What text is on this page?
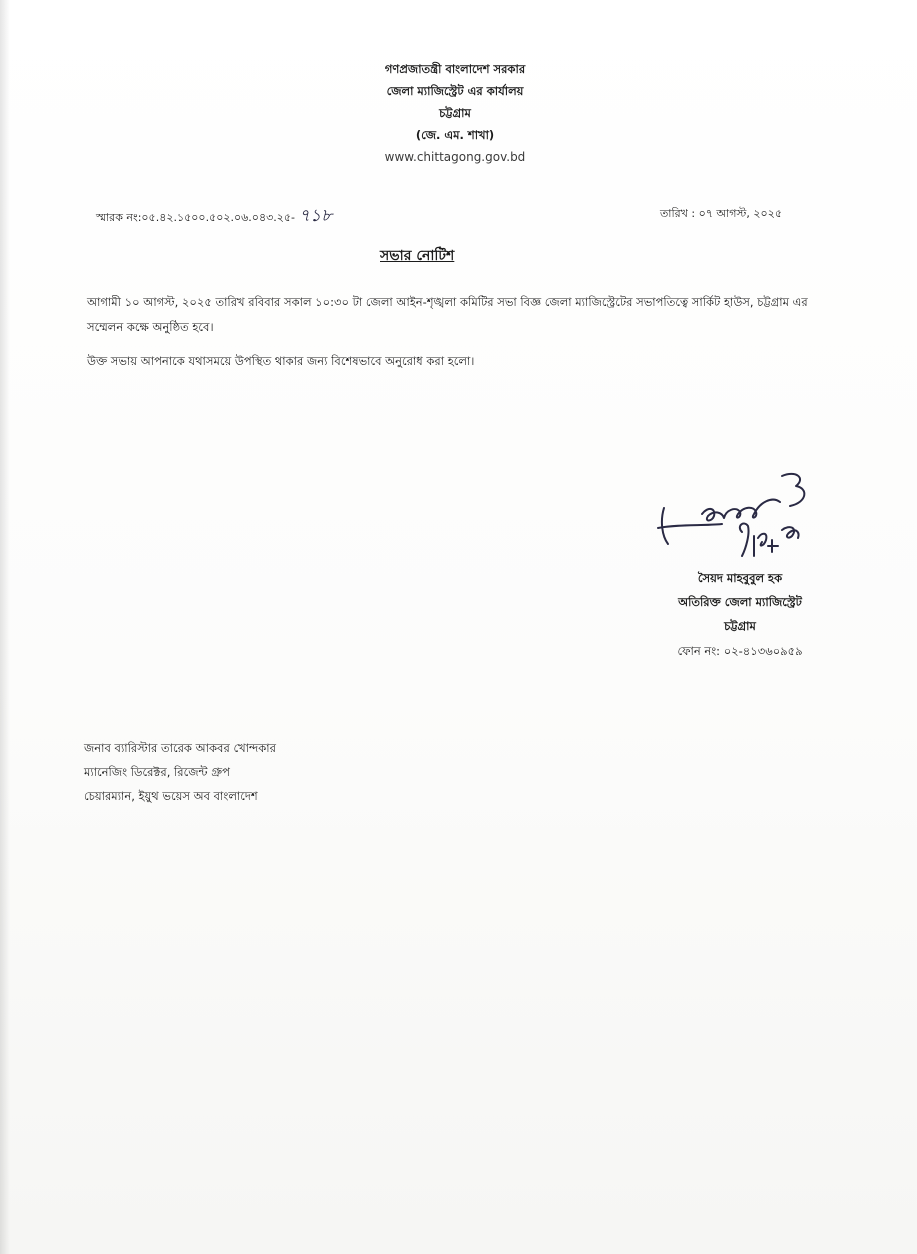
গণপ্রজাতন্ত্রী বাংলাদেশ সরকার
জেলা ম্যাজিস্ট্রেট এর কার্যালয়
চট্টগ্রাম
(জে. এম. শাখা)
www.chittagong.gov.bd
স্মারক নং:০৫.৪২.১৫০০.৫০২.০৬.০৪৩.২৫- ৭১৮	তারিখ : ০৭ আগস্ট, ২০২৫
সভার নোটিশ
আগামী ১০ আগস্ট, ২০২৫ তারিখ রবিবার সকাল ১০:৩০ টা জেলা আইন-শৃঙ্খলা কমিটির সভা বিজ্ঞ জেলা ম্যাজিস্ট্রেটের সভাপতিত্বে সার্কিট হাউস, চট্টগ্রাম এর সম্মেলন কক্ষে অনুষ্ঠিত হবে।
উক্ত সভায় আপনাকে যথাসময়ে উপস্থিত থাকার জন্য বিশেষভাবে অনুরোধ করা হলো।
সৈয়দ মাহবুবুল হক
অতিরিক্ত জেলা ম্যাজিস্ট্রেট
চট্টগ্রাম
ফোন নং: ০২-৪১৩৬০৯৫৯
জনাব ব্যারিস্টার তারেক আকবর খোন্দকার
ম্যানেজিং ডিরেক্টর, রিজেন্ট গ্রুপ
চেয়ারম্যান, ইয়ুথ ভয়েস অব বাংলাদেশ
